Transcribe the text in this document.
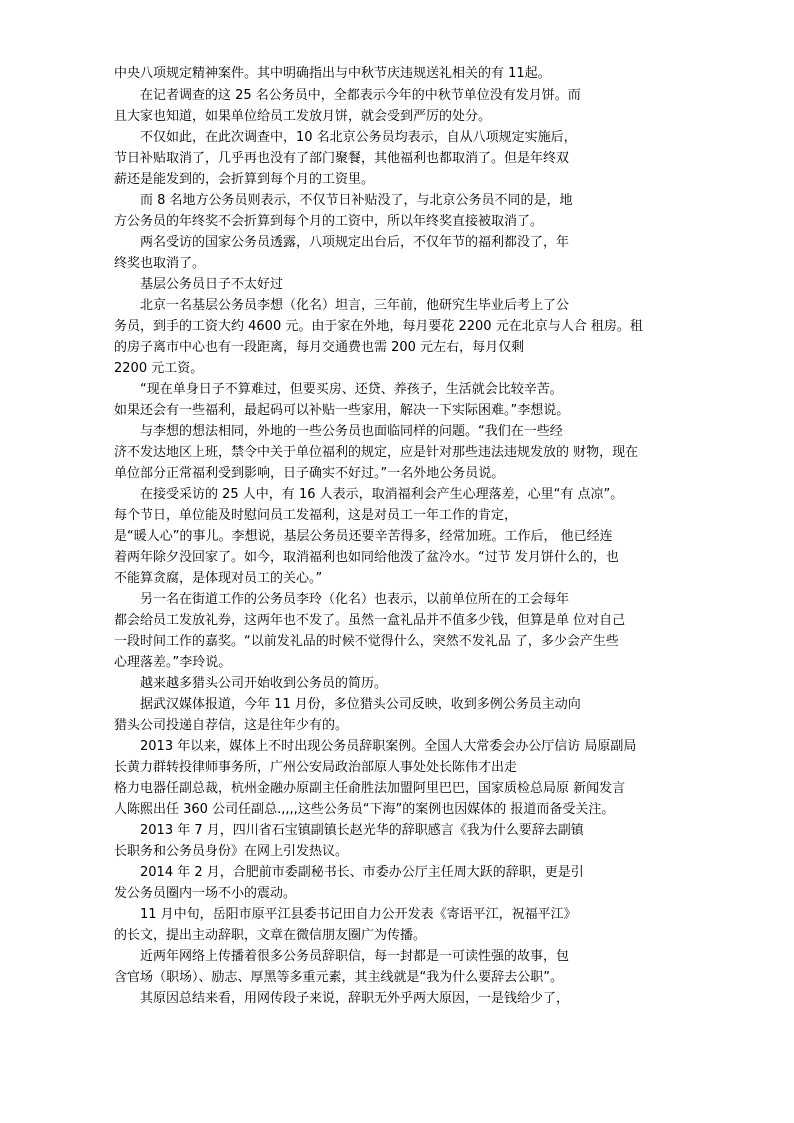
中央八项规定精神案件。其中明确指出与中秋节庆违规送礼相关的有 11起。
在记者调查的这 25 名公务员中，全都表示今年的中秋节单位没有发月饼。而
且大家也知道，如果单位给员工发放月饼，就会受到严厉的处分。
不仅如此，在此次调查中，10 名北京公务员均表示，自从八项规定实施后，
节日补贴取消了，几乎再也没有了部门聚餐，其他福利也都取消了。但是年终双
薪还是能发到的，会折算到每个月的工资里。
而 8 名地方公务员则表示，不仅节日补贴没了，与北京公务员不同的是，地
方公务员的年终奖不会折算到每个月的工资中，所以年终奖直接被取消了。
两名受访的国家公务员透露，八项规定出台后，不仅年节的福利都没了，年
终奖也取消了。
基层公务员日子不太好过
北京一名基层公务员李想（化名）坦言，三年前，他研究生毕业后考上了公
务员，到手的工资大约 4600 元。由于家在外地，每月要花 2200 元在北京与人合 租房。租
的房子离市中心也有一段距离，每月交通费也需 200 元左右，每月仅剩
2200 元工资。
“现在单身日子不算难过，但要买房、还贷、养孩子，生活就会比较辛苦。
如果还会有一些福利，最起码可以补贴一些家用，解决一下实际困难。”李想说。
与李想的想法相同，外地的一些公务员也面临同样的问题。“我们在一些经
济不发达地区上班，禁令中关于单位福利的规定，应是针对那些违法违规发放的 财物，现在
单位部分正常福利受到影响，日子确实不好过。”一名外地公务员说。
在接受采访的 25 人中，有 16 人表示，取消福利会产生心理落差，心里“有 点凉”。
每个节日，单位能及时慰问员工发福利，这是对员工一年工作的肯定，
是“暖人心”的事儿。李想说，基层公务员还要辛苦得多，经常加班。工作后， 他已经连
着两年除夕没回家了。如今，取消福利也如同给他泼了盆冷水。“过节 发月饼什么的，也
不能算贪腐，是体现对员工的关心。”
另一名在街道工作的公务员李玲（化名）也表示，以前单位所在的工会每年
都会给员工发放礼券，这两年也不发了。虽然一盒礼品并不值多少钱，但算是单 位对自己
一段时间工作的嘉奖。“以前发礼品的时候不觉得什么，突然不发礼品 了，多少会产生些
心理落差。”李玲说。
越来越多猎头公司开始收到公务员的简历。
据武汉媒体报道，今年 11 月份，多位猎头公司反映，收到多例公务员主动向
猎头公司投递自荐信，这是往年少有的。
2013 年以来，媒体上不时出现公务员辞职案例。全国人大常委会办公厅信访 局原副局
长黄力群转投律师事务所，广州公安局政治部原人事处处长陈伟才出走
格力电器任副总裁，杭州金融办原副主任俞胜法加盟阿里巴巴，国家质检总局原 新闻发言
人陈熙出任 360 公司任副总.,,,,这些公务员“下海”的案例也因媒体的 报道而备受关注。
2013 年 7 月，四川省石宝镇副镇长赵光华的辞职感言《我为什么要辞去副镇
长职务和公务员身份》在网上引发热议。
2014 年 2 月，合肥前市委副秘书长、市委办公厅主任周大跃的辞职，更是引
发公务员圈内一场不小的震动。
11 月中旬，岳阳市原平江县委书记田自力公开发表《寄语平江，祝福平江》
的长文，提出主动辞职，文章在微信朋友圈广为传播。
近两年网络上传播着很多公务员辞职信，每一封都是一可读性强的故事，包
含官场（职场）、励志、厚黑等多重元素，其主线就是“我为什么要辞去公职”。
其原因总结来看，用网传段子来说，辞职无外乎两大原因，一是钱给少了，
